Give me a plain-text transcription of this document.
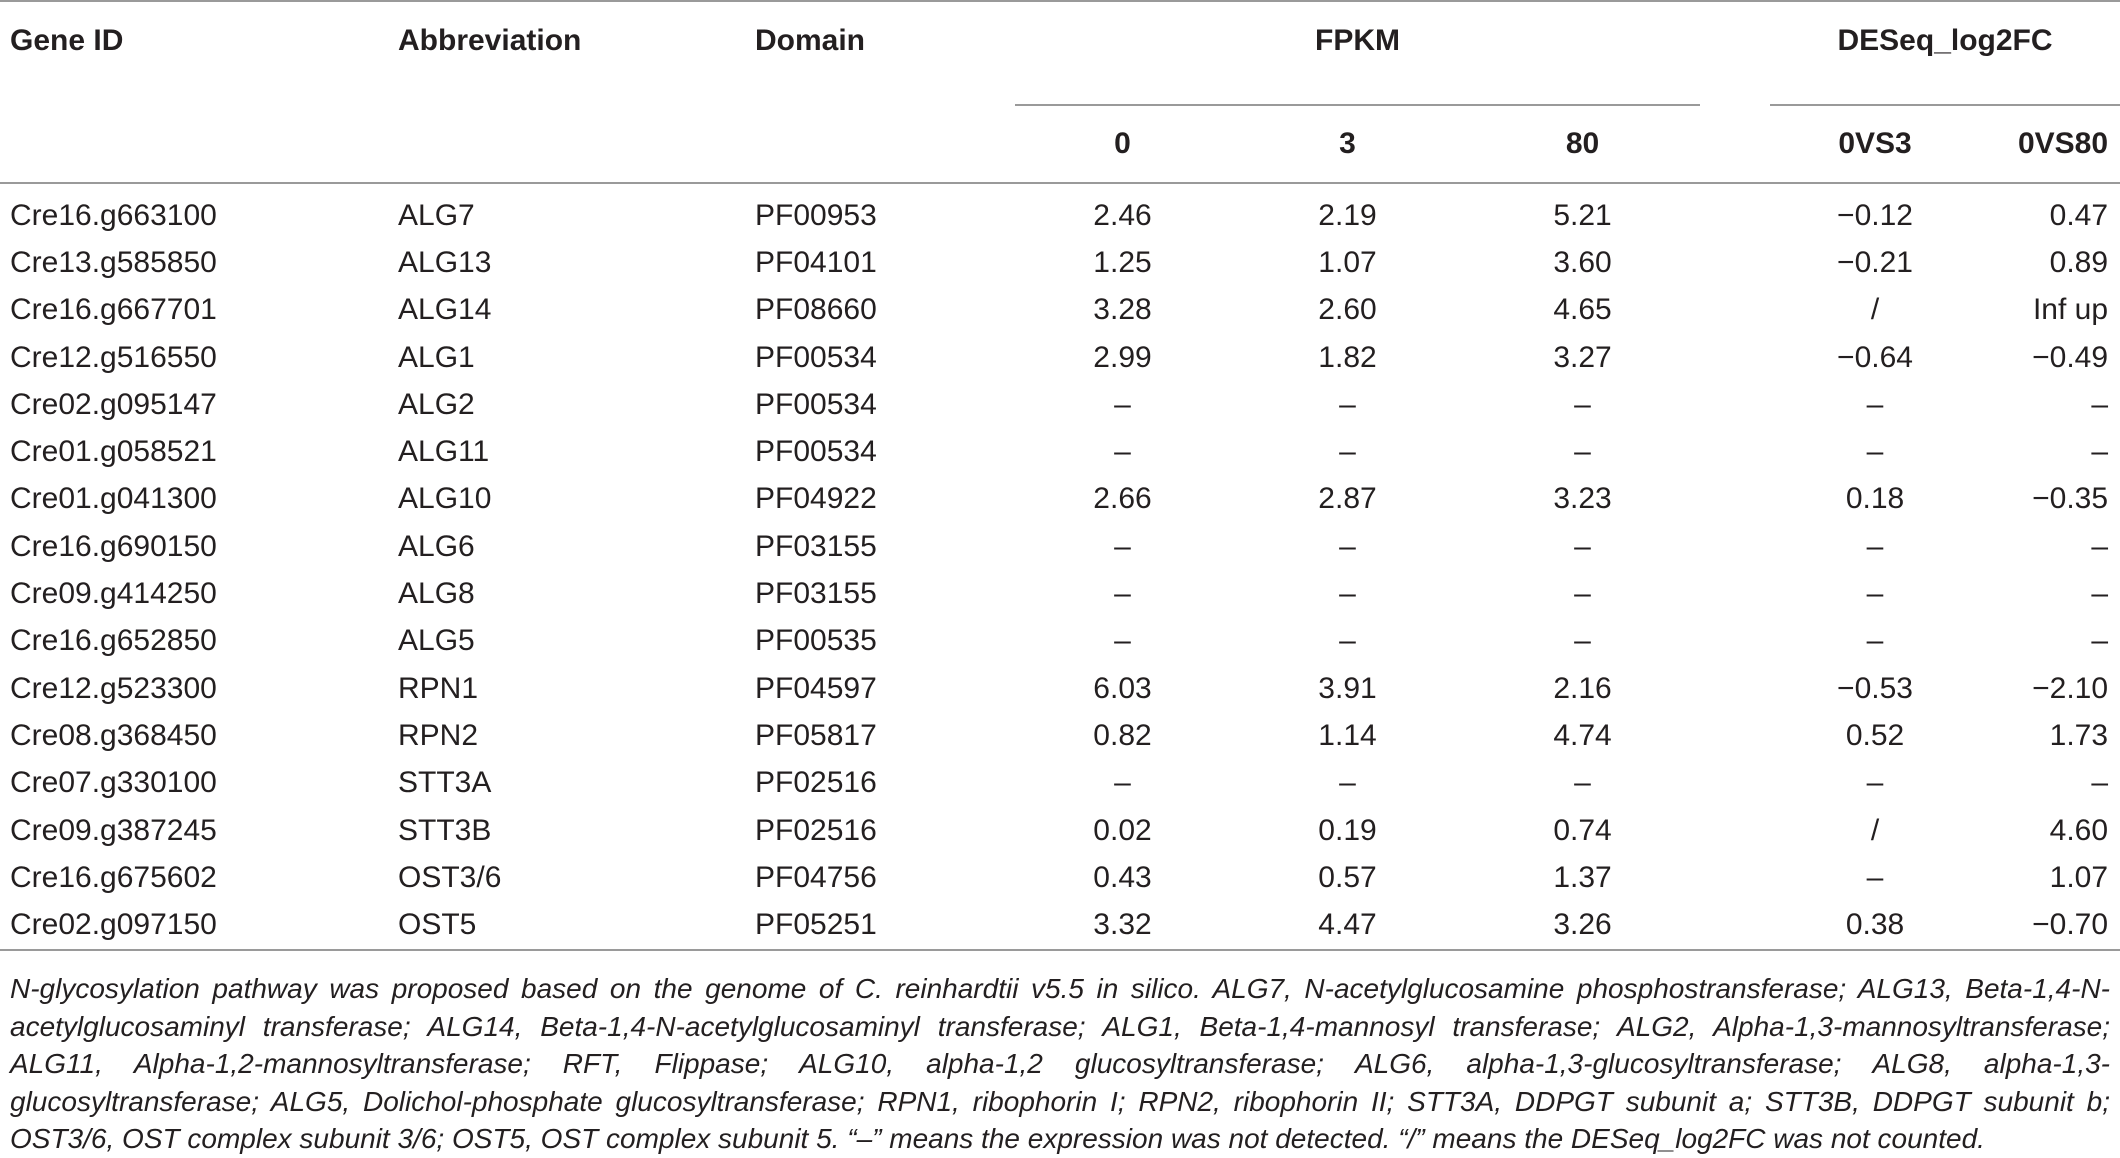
Gene ID	Abbreviation	Domain	FPKM				DESeq_log2FC	
			0	3	80		0VS3	0VS80
Cre16.g663100	ALG7	PF00953	2.46	2.19	5.21		−0.12	0.47
Cre13.g585850	ALG13	PF04101	1.25	1.07	3.60		−0.21	0.89
Cre16.g667701	ALG14	PF08660	3.28	2.60	4.65		/	Inf up
Cre12.g516550	ALG1	PF00534	2.99	1.82	3.27		−0.64	−0.49
Cre02.g095147	ALG2	PF00534	–	–	–		–	–
Cre01.g058521	ALG11	PF00534	–	–	–		–	–
Cre01.g041300	ALG10	PF04922	2.66	2.87	3.23		0.18	−0.35
Cre16.g690150	ALG6	PF03155	–	–	–		–	–
Cre09.g414250	ALG8	PF03155	–	–	–		–	–
Cre16.g652850	ALG5	PF00535	–	–	–		–	–
Cre12.g523300	RPN1	PF04597	6.03	3.91	2.16		−0.53	−2.10
Cre08.g368450	RPN2	PF05817	0.82	1.14	4.74		0.52	1.73
Cre07.g330100	STT3A	PF02516	–	–	–		–	–
Cre09.g387245	STT3B	PF02516	0.02	0.19	0.74		/	4.60
Cre16.g675602	OST3/6	PF04756	0.43	0.57	1.37		–	1.07
Cre02.g097150	OST5	PF05251	3.32	4.47	3.26		0.38	−0.70

N-glycosylation pathway was proposed based on the genome of C. reinhardtii v5.5 in silico. ALG7, N-acetylglucosamine phosphostransferase; ALG13, Beta-1,4-N-acetylglucosaminyl transferase; ALG14, Beta-1,4-N-acetylglucosaminyl transferase; ALG1, Beta-1,4-mannosyl transferase; ALG2, Alpha-1,3-mannosyltransferase; ALG11, Alpha-1,2-mannosyltransferase; RFT, Flippase; ALG10, alpha-1,2 glucosyltransferase; ALG6, alpha-1,3-glucosyltransferase; ALG8, alpha-1,3-glucosyltransferase; ALG5, Dolichol-phosphate glucosyltransferase; RPN1, ribophorin I; RPN2, ribophorin II; STT3A, DDPGT subunit a; STT3B, DDPGT subunit b; OST3/6, OST complex subunit 3/6; OST5, OST complex subunit 5. “–” means the expression was not detected. “/” means the DESeq_log2FC was not counted.
